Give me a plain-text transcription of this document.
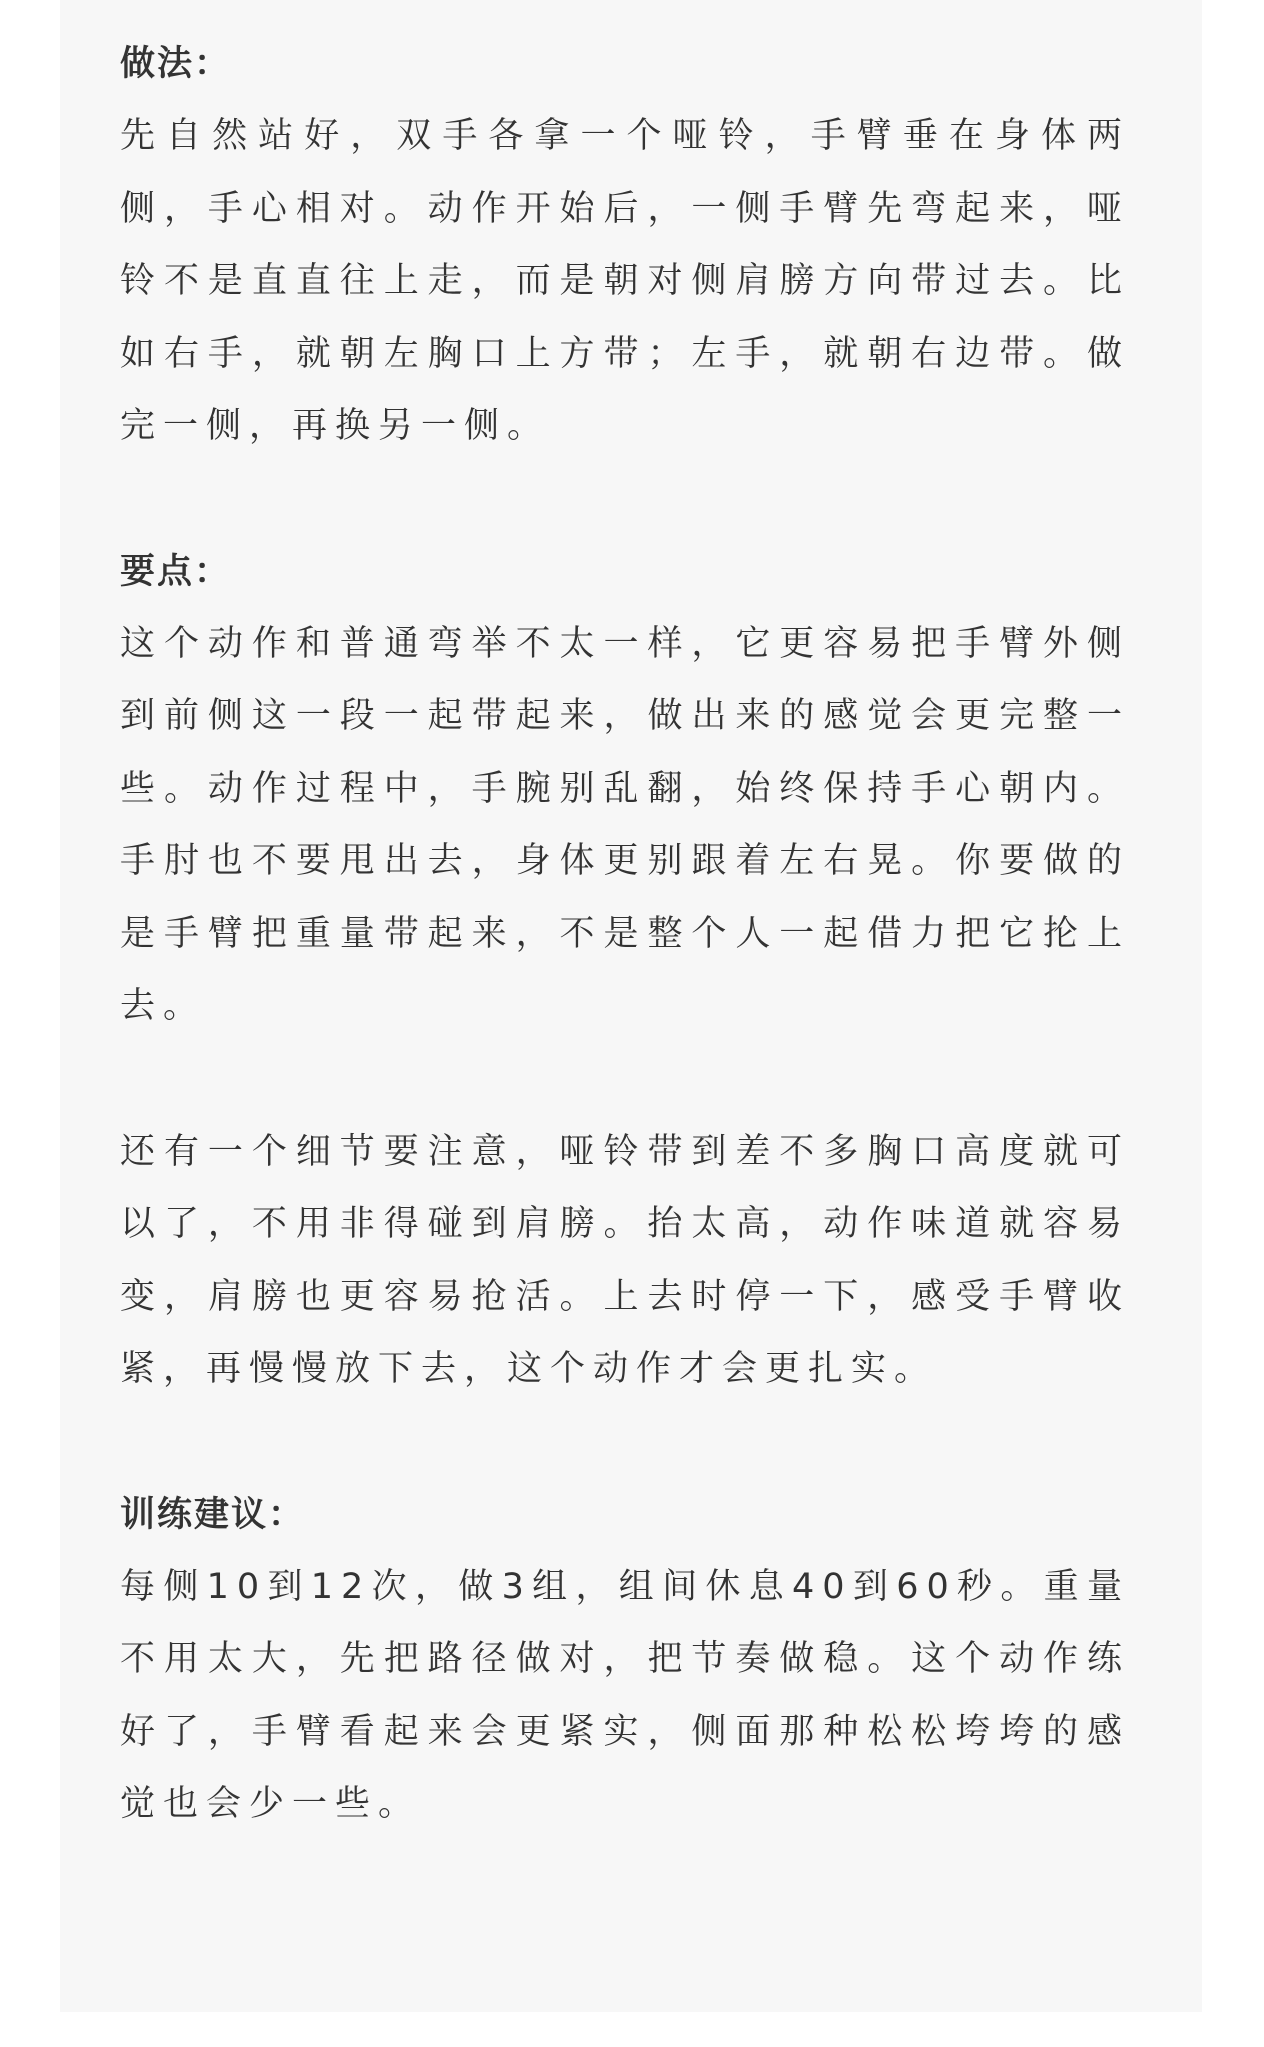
做法：

先自然站好，双手各拿一个哑铃，手臂垂在身体两侧，手心相对。动作开始后，一侧手臂先弯起来，哑铃不是直直往上走，而是朝对侧肩膀方向带过去。比如右手，就朝左胸口上方带；左手，就朝右边带。做完一侧，再换另一侧。

要点：

这个动作和普通弯举不太一样，它更容易把手臂外侧到前侧这一段一起带起来，做出来的感觉会更完整一些。动作过程中，手腕别乱翻，始终保持手心朝内。手肘也不要甩出去，身体更别跟着左右晃。你要做的是手臂把重量带起来，不是整个人一起借力把它抡上去。

还有一个细节要注意，哑铃带到差不多胸口高度就可以了，不用非得碰到肩膀。抬太高，动作味道就容易变，肩膀也更容易抢活。上去时停一下，感受手臂收紧，再慢慢放下去，这个动作才会更扎实。

训练建议：

每侧10到12次，做3组，组间休息40到60秒。重量不用太大，先把路径做对，把节奏做稳。这个动作练好了，手臂看起来会更紧实，侧面那种松松垮垮的感觉也会少一些。
